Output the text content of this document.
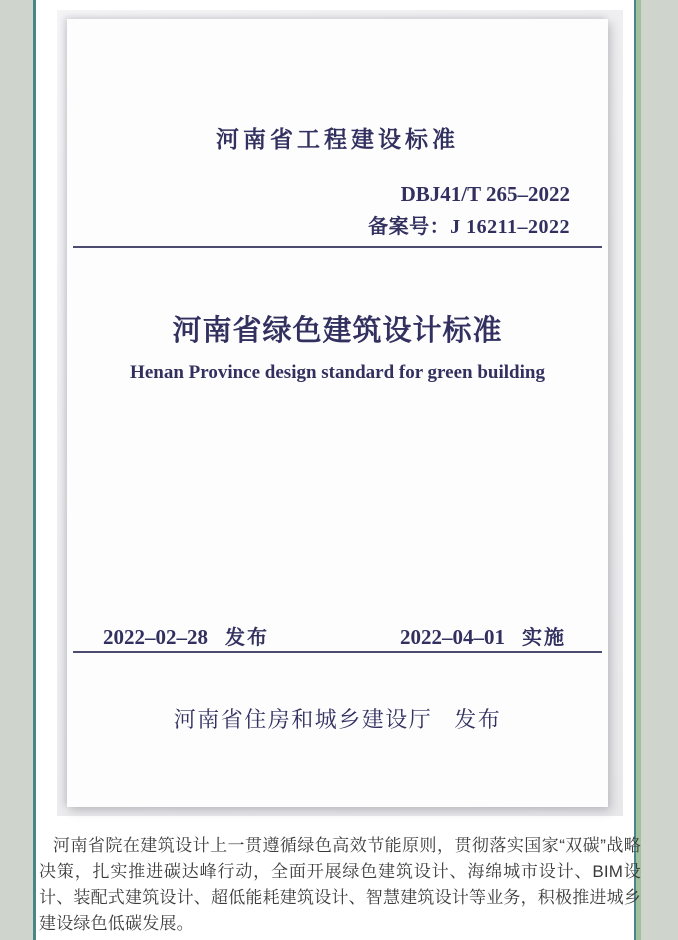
河南省工程建设标准
DBJ41/T 265–2022
备案号：J 16211–2022
河南省绿色建筑设计标准
Henan Province design standard for green building
2022–02–28 发布	2022–04–01 实施
河南省住房和城乡建设厅 发布

河南省院在建筑设计上一贯遵循绿色高效节能原则，贯彻落实国家“双碳”战略决策，扎实推进碳达峰行动，全面开展绿色建筑设计、海绵城市设计、BIM设计、装配式建筑设计、超低能耗建筑设计、智慧建筑设计等业务，积极推进城乡建设绿色低碳发展。
